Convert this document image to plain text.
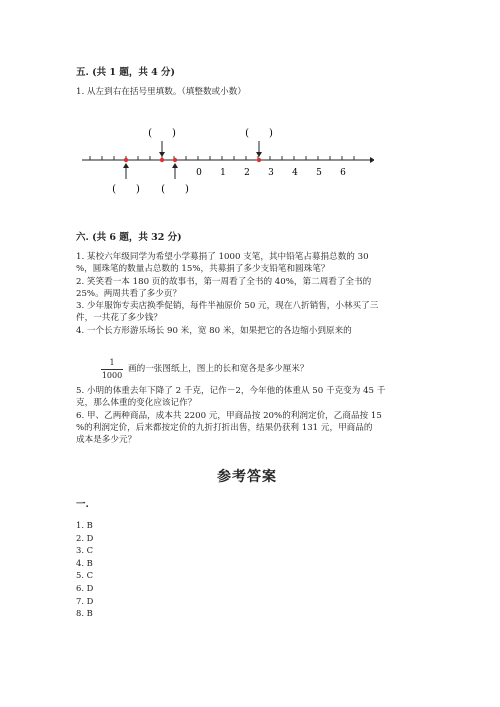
五. (共 1 题，共 4 分)
1. 从左到右在括号里填数。（填整数或小数）
0 1 2 3 4 5 6
(　　)	(　　)
(　　) (　　)
六. (共 6 题，共 32 分)
1. 某校六年级同学为希望小学募捐了 1000 支笔，其中铅笔占募捐总数的 30
%，圆珠笔的数量占总数的 15%，共募捐了多少支铅笔和圆珠笔？
2. 笑笑看一本 180 页的故事书，第一周看了全书的 40%，第二周看了全书的
25%。两周共看了多少页？
3. 少年服饰专卖店换季促销，每件半袖原价 50 元，现在八折销售，小林买了三
件，一共花了多少钱？
4. 一个长方形游乐场长 90 米，宽 80 米，如果把它的各边缩小到原来的
1
1000
画的一张图纸上，图上的长和宽各是多少厘米？
5. 小明的体重去年下降了 2 千克，记作－2，今年他的体重从 50 千克变为 45 千
克，那么体重的变化应该记作？
6. 甲、乙两种商品，成本共 2200 元，甲商品按 20%的利润定价，乙商品按 15
%的利润定价，后来都按定价的九折打折出售，结果仍获利 131 元，甲商品的
成本是多少元？
参考答案
一.
1. B
2. D
3. C
4. B
5. C
6. D
7. D
8. B
